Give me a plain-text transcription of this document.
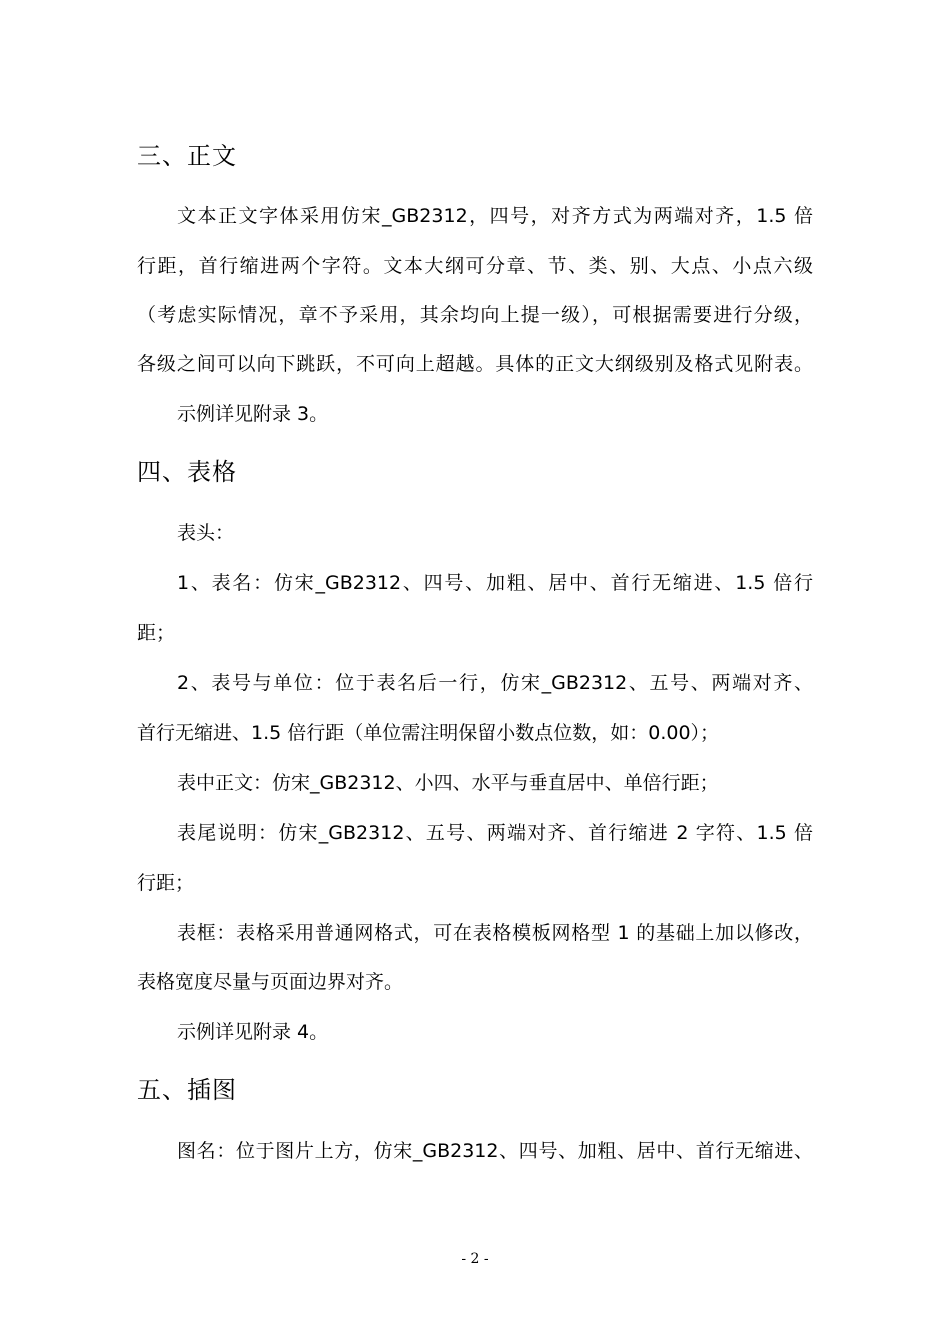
三、正文
文本正文字体采用仿宋_GB2312，四号，对齐方式为两端对齐，1.5 倍
行距，首行缩进两个字符。文本大纲可分章、节、类、别、大点、小点六级
（考虑实际情况，章不予采用，其余均向上提一级），可根据需要进行分级，
各级之间可以向下跳跃，不可向上超越。具体的正文大纲级别及格式见附表。
示例详见附录 3。
四、表格
表头：
1、表名：仿宋_GB2312、四号、加粗、居中、首行无缩进、1.5 倍行
距；
2、表号与单位：位于表名后一行，仿宋_GB2312、五号、两端对齐、
首行无缩进、1.5 倍行距（单位需注明保留小数点位数，如：0.00）；
表中正文：仿宋_GB2312、小四、水平与垂直居中、单倍行距；
表尾说明：仿宋_GB2312、五号、两端对齐、首行缩进 2 字符、1.5 倍
行距；
表框：表格采用普通网格式，可在表格模板网格型 1 的基础上加以修改，
表格宽度尽量与页面边界对齐。
示例详见附录 4。
五、插图
图名：位于图片上方，仿宋_GB2312、四号、加粗、居中、首行无缩进、
- 2 -
